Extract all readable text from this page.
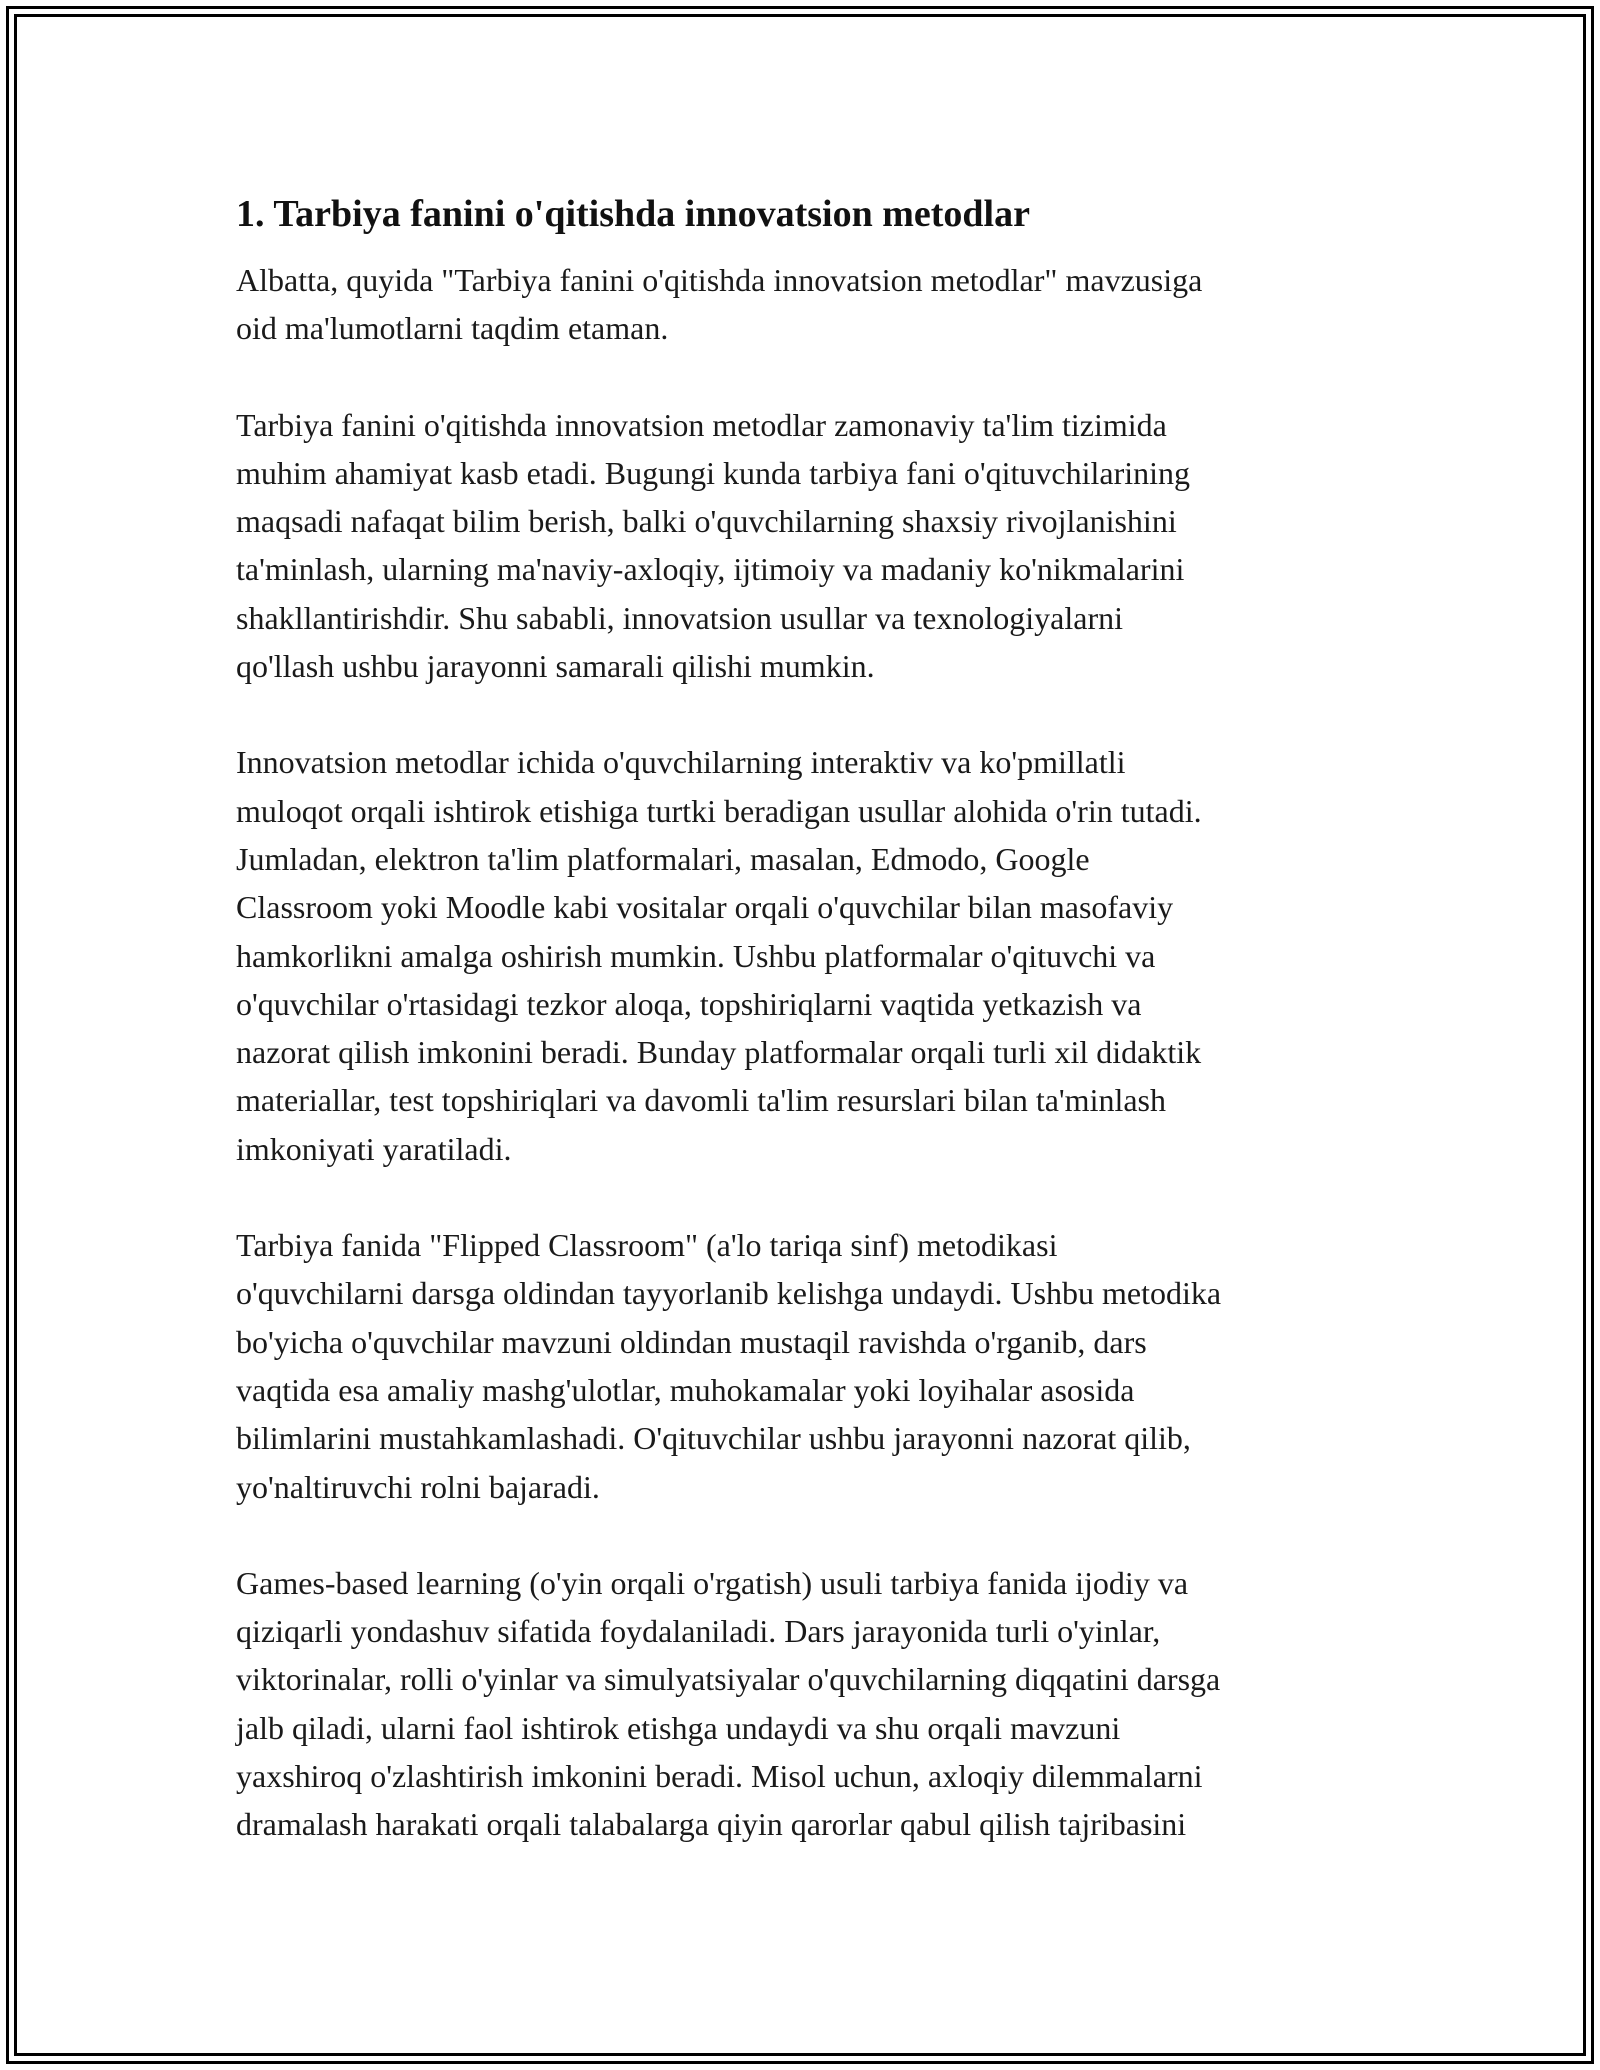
1. Tarbiya fanini o'qitishda innovatsion metodlar

Albatta, quyida "Tarbiya fanini o'qitishda innovatsion metodlar" mavzusiga
oid ma'lumotlarni taqdim etaman.

Tarbiya fanini o'qitishda innovatsion metodlar zamonaviy ta'lim tizimida
muhim ahamiyat kasb etadi. Bugungi kunda tarbiya fani o'qituvchilarining
maqsadi nafaqat bilim berish, balki o'quvchilarning shaxsiy rivojlanishini
ta'minlash, ularning ma'naviy-axloqiy, ijtimoiy va madaniy ko'nikmalarini
shakllantirishdir. Shu sababli, innovatsion usullar va texnologiyalarni
qo'llash ushbu jarayonni samarali qilishi mumkin.

Innovatsion metodlar ichida o'quvchilarning interaktiv va ko'pmillatli
muloqot orqali ishtirok etishiga turtki beradigan usullar alohida o'rin tutadi.
Jumladan, elektron ta'lim platformalari, masalan, Edmodo, Google
Classroom yoki Moodle kabi vositalar orqali o'quvchilar bilan masofaviy
hamkorlikni amalga oshirish mumkin. Ushbu platformalar o'qituvchi va
o'quvchilar o'rtasidagi tezkor aloqa, topshiriqlarni vaqtida yetkazish va
nazorat qilish imkonini beradi. Bunday platformalar orqali turli xil didaktik
materiallar, test topshiriqlari va davomli ta'lim resurslari bilan ta'minlash
imkoniyati yaratiladi.

Tarbiya fanida "Flipped Classroom" (a'lo tariqa sinf) metodikasi
o'quvchilarni darsga oldindan tayyorlanib kelishga undaydi. Ushbu metodika
bo'yicha o'quvchilar mavzuni oldindan mustaqil ravishda o'rganib, dars
vaqtida esa amaliy mashg'ulotlar, muhokamalar yoki loyihalar asosida
bilimlarini mustahkamlashadi. O'qituvchilar ushbu jarayonni nazorat qilib,
yo'naltiruvchi rolni bajaradi.

Games-based learning (o'yin orqali o'rgatish) usuli tarbiya fanida ijodiy va
qiziqarli yondashuv sifatida foydalaniladi. Dars jarayonida turli o'yinlar,
viktorinalar, rolli o'yinlar va simulyatsiyalar o'quvchilarning diqqatini darsga
jalb qiladi, ularni faol ishtirok etishga undaydi va shu orqali mavzuni
yaxshiroq o'zlashtirish imkonini beradi. Misol uchun, axloqiy dilemmalarni
dramalash harakati orqali talabalarga qiyin qarorlar qabul qilish tajribasini
